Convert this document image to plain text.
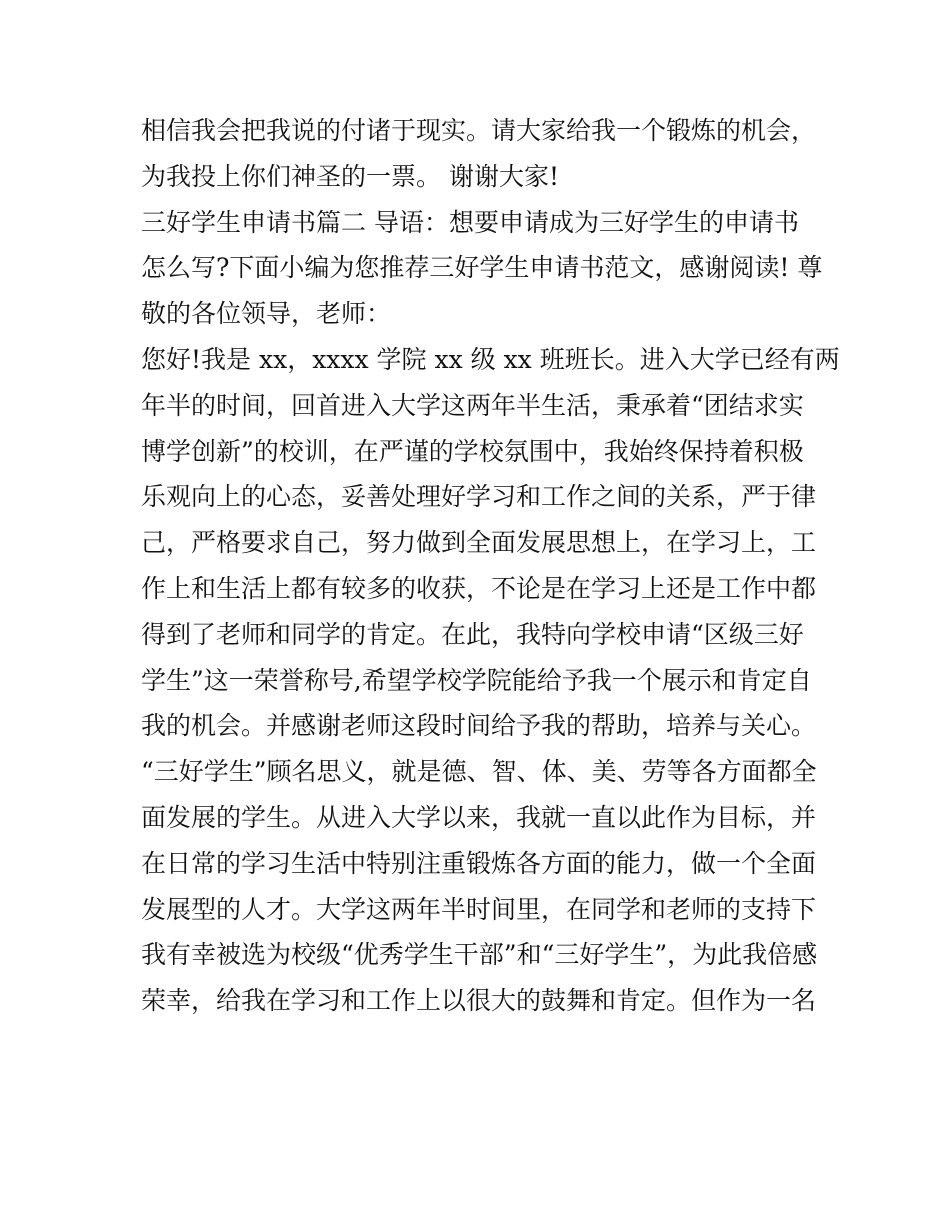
相信我会把我说的付诸于现实。请大家给我一个锻炼的机会，
为我投上你们神圣的一票。 谢谢大家!
三好学生申请书篇二 导语：想要申请成为三好学生的申请书
怎么写?下面小编为您推荐三好学生申请书范文，感谢阅读! 尊
敬的各位领导，老师：
您好!我是 xx，xxxx 学院 xx 级 xx 班班长。进入大学已经有两
年半的时间，回首进入大学这两年半生活，秉承着“团结求实
博学创新”的校训，在严谨的学校氛围中，我始终保持着积极
乐观向上的心态，妥善处理好学习和工作之间的关系，严于律
己，严格要求自己，努力做到全面发展思想上，在学习上，工
作上和生活上都有较多的收获，不论是在学习上还是工作中都
得到了老师和同学的肯定。在此，我特向学校申请“区级三好
学生”这一荣誉称号,希望学校学院能给予我一个展示和肯定自
我的机会。并感谢老师这段时间给予我的帮助，培养与关心。
“三好学生”顾名思义，就是德、智、体、美、劳等各方面都全
面发展的学生。从进入大学以来，我就一直以此作为目标，并
在日常的学习生活中特别注重锻炼各方面的能力，做一个全面
发展型的人才。大学这两年半时间里，在同学和老师的支持下
我有幸被选为校级“优秀学生干部”和“三好学生”，为此我倍感
荣幸，给我在学习和工作上以很大的鼓舞和肯定。但作为一名
